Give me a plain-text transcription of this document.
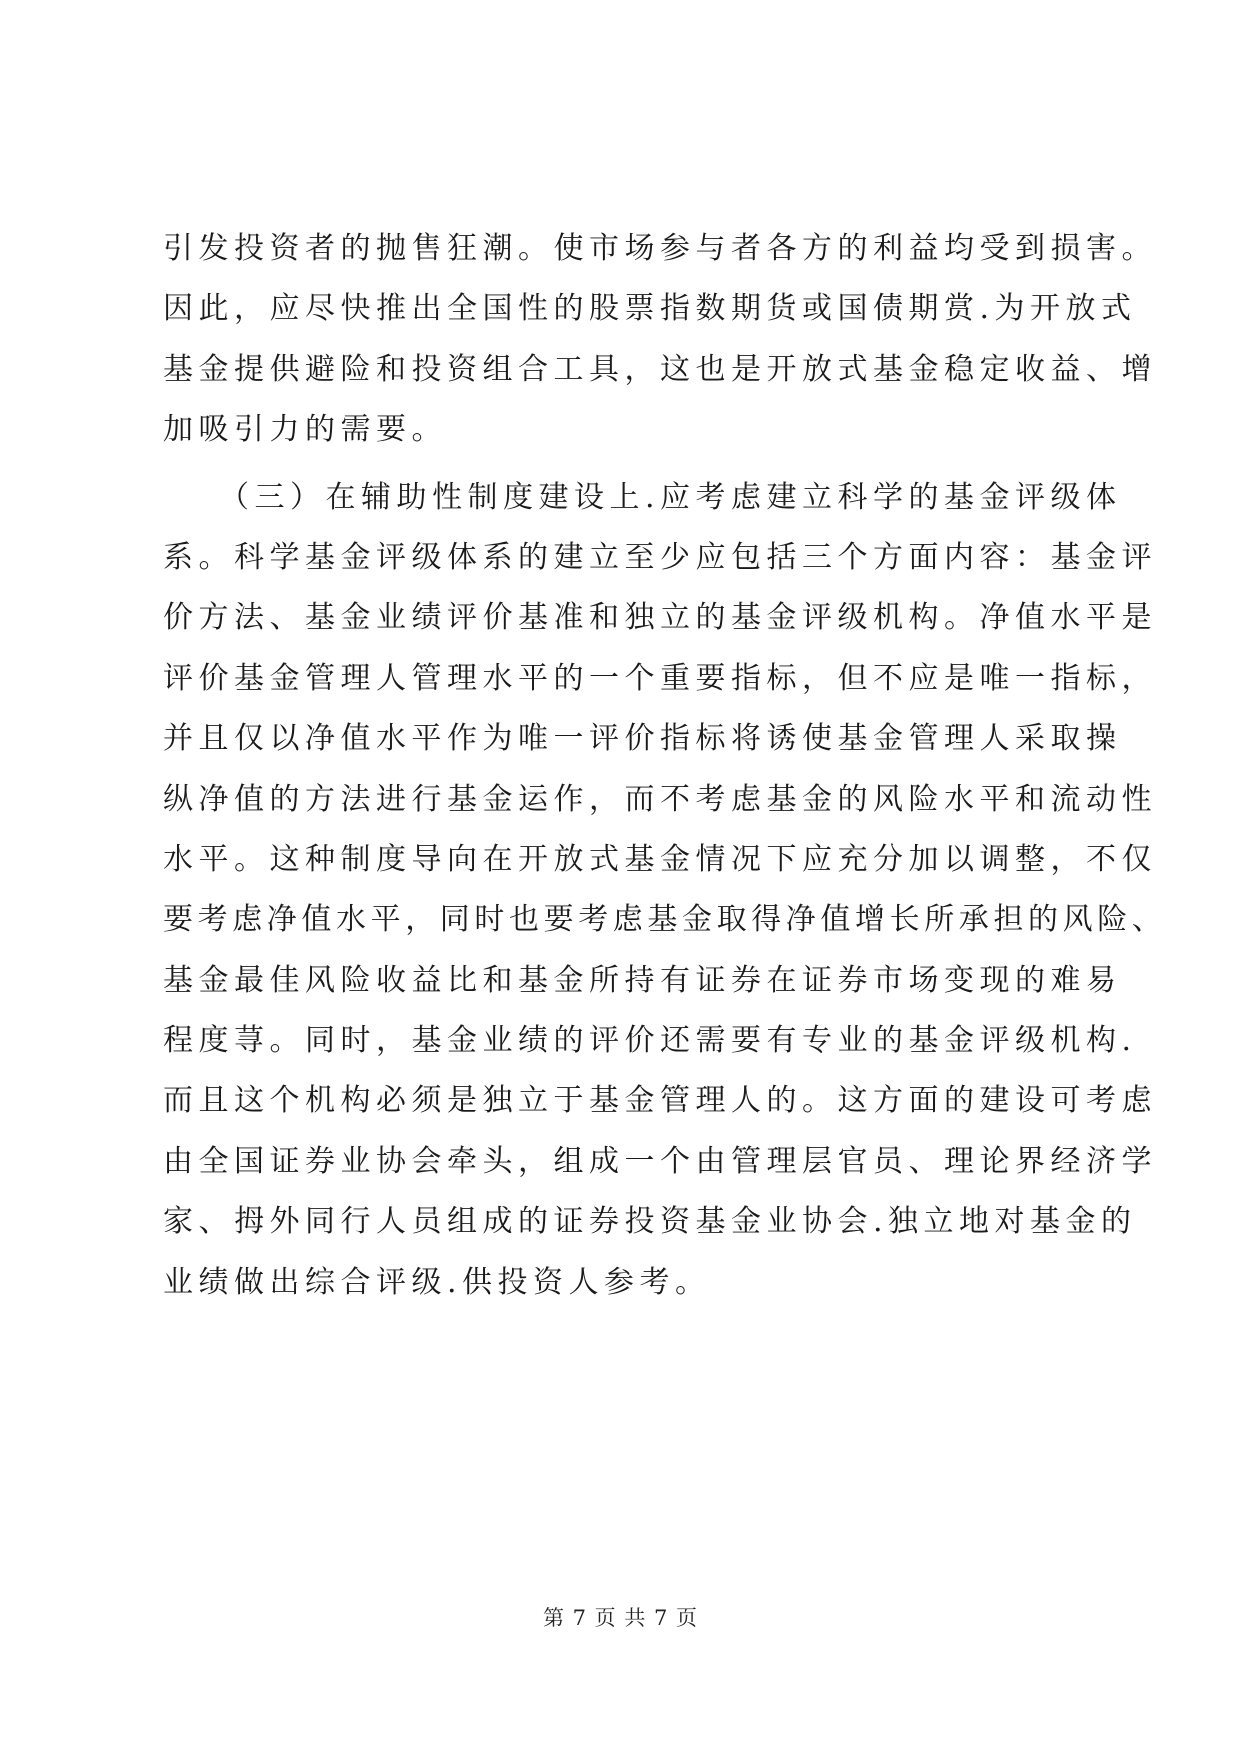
引发投资者的抛售狂潮。使市场参与者各方的利益均受到损害。
因此，应尽快推出全国性的股票指数期货或国债期赏.为开放式
基金提供避险和投资组合工具，这也是开放式基金稳定收益、增
加吸引力的需要。
　　（三）在辅助性制度建设上.应考虑建立科学的基金评级体
系。科学基金评级体系的建立至少应包括三个方面内容：基金评
价方法、基金业绩评价基准和独立的基金评级机构。净值水平是
评价基金管理人管理水平的一个重要指标，但不应是唯一指标，
并且仅以净值水平作为唯一评价指标将诱使基金管理人采取操
纵净值的方法进行基金运作，而不考虑基金的风险水平和流动性
水平。这种制度导向在开放式基金情况下应充分加以调整，不仅
要考虑净值水平，同时也要考虑基金取得净值增长所承担的风险、
基金最佳风险收益比和基金所持有证券在证券市场变现的难易
程度荨。同时，基金业绩的评价还需要有专业的基金评级机构.
而且这个机构必须是独立于基金管理人的。这方面的建设可考虑
由全国证券业协会牵头，组成一个由管理层官员、理论界经济学
家、拇外同行人员组成的证券投资基金业协会.独立地对基金的
业绩做出综合评级.供投资人参考。
第 7 页 共 7 页
